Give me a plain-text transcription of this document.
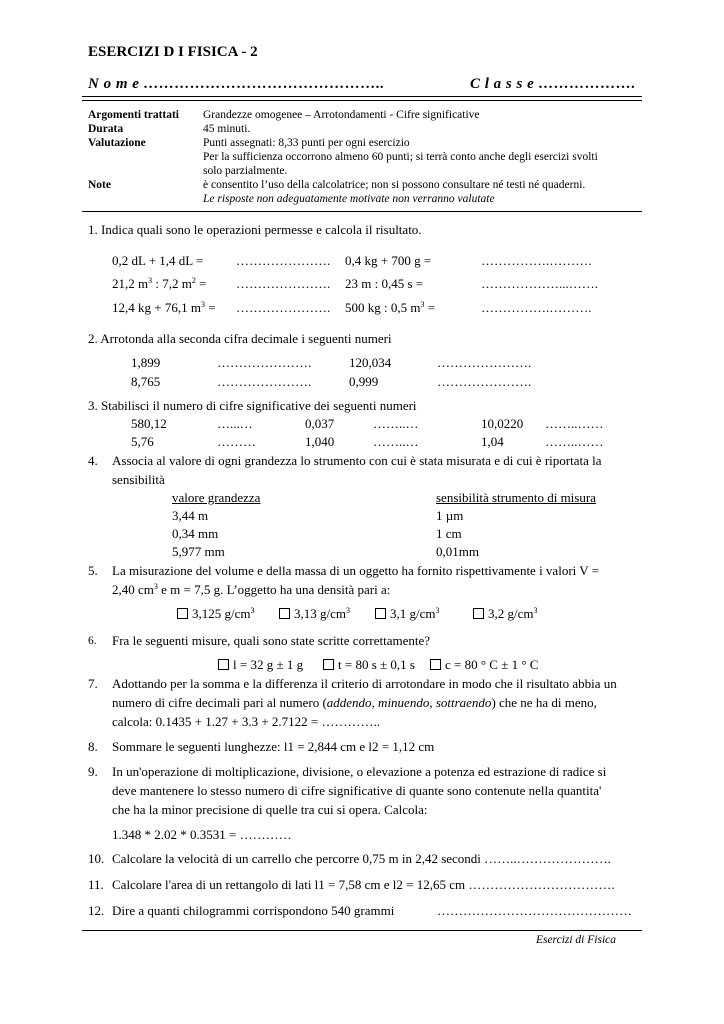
ESERCIZI D I FISICA - 2
N o m e ………………………………………..	C l a s s e ……………….
Argomenti trattati Grandezze omogenee – Arrotondamenti - Cifre significative
Durata	45 minuti.
Valutazione	Punti assegnati: 8,33 punti per ogni esercizio
Per la sufficienza occorrono almeno 60 punti; si terrà conto anche degli esercizi svolti
solo parzialmente.
Note	è consentito l’uso della calcolatrice; non si possono consultare né testi né quaderni.
Le risposte non adeguatamente motivate non verranno valutate
1. Indica quali sono le operazioni permesse e calcola il risultato.
0,2 dL + 1,4 dL =	…………………. 0,4 kg + 700 g =	…………….……….
21,2 $m^3$ : 7,2 $m^2$ = …………………. 23 m : 0,45 s =	………………...…….
12,4 kg + 76,1 $m^3$ = …………………. 500 kg : 0,5 $m^3$ =	…………….……….
2. Arrotonda alla seconda cifra decimale i seguenti numeri
1,899	………………….	120,034	………………….
8,765	………………….	0,999	………………….
3. Stabilisci il numero di cifre significative dei seguenti numeri
580,12	…...…	0,037	……..…	10,0220 ……..……
5,76	………	1,040	……..…	1,04	……..……
4. Associa al valore di ogni grandezza lo strumento con cui è stata misurata e di cui è riportata la
sensibilità
valore grandezza	sensibilità strumento di misura
3,44 m	1 µm
0,34 mm	1 cm
5,977 mm	0,01mm
5. La misurazione del volume e della massa di un oggetto ha fornito rispettivamente i valori V =
2,40 $cm^3$ e m = 7,5 g. L’oggetto ha una densità pari a:
3,125 $g/cm^3$	3,13 $g/cm^3$	3,1 $g/cm^3$	3,2 $g/cm^3$
6. Fra le seguenti misure, quali sono state scritte correttamente?
l = 32 g ± 1 g	t = 80 s ± 0,1 s	c = 80 ° C ± 1 ° C
7. Adottando per la somma e la differenza il criterio di arrotondare in modo che il risultato abbia un
numero di cifre decimali pari al numero (addendo, minuendo, sottraendo) che ne ha di meno,
calcola: 0.1435 + 1.27 + 3.3 + 2.7122 = …………..
8. Sommare le seguenti lunghezze: l1 = 2,844 cm e l2 = 1,12 cm
9. In un'operazione di moltiplicazione, divisione, o elevazione a potenza ed estrazione di radice si
deve mantenere lo stesso numero di cifre significative di quante sono contenute nella quantita'
che ha la minor precisione di quelle tra cui si opera. Calcola:
1.348 * 2.02 * 0.3531 = …………
10. Calcolare la velocità di un carrello che percorre 0,75 m in 2,42 secondi ……..………………….
11. Calcolare l'area di un rettangolo di lati l1 = 7,58 cm e l2 = 12,65 cm …………………………….
12. Dire a quanti chilogrammi corrispondono 540 grammi	………………………………………
Esercizi di Fisica
